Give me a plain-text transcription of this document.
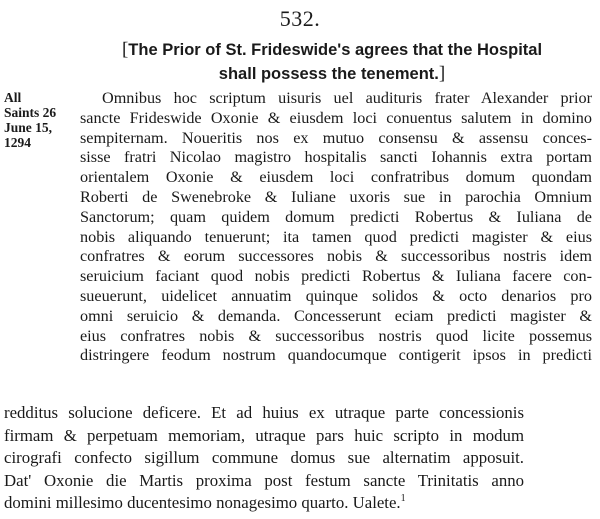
532.
[The Prior of St. Frideswide's agrees that the Hospital
shall possess the tenement.]
All
Saints 26
June 15,
1294
Omnibus hoc scriptum uisuris uel audituris frater Alexander prior
sancte Frideswide Oxonie & eiusdem loci conuentus salutem in domino
sempiternam. Noueritis nos ex mutuo consensu & assensu conces-
sisse fratri Nicolao magistro hospitalis sancti Iohannis extra portam
orientalem Oxonie & eiusdem loci confratribus domum quondam
Roberti de Swenebroke & Iuliane uxoris sue in parochia Omnium
Sanctorum; quam quidem domum predicti Robertus & Iuliana de
nobis aliquando tenuerunt; ita tamen quod predicti magister & eius
confratres & eorum successores nobis & successoribus nostris idem
seruicium faciant quod nobis predicti Robertus & Iuliana facere con-
sueuerunt, uidelicet annuatim quinque solidos & octo denarios pro
omni seruicio & demanda. Concesserunt eciam predicti magister &
eius confratres nobis & successoribus nostris quod licite possemus
distringere feodum nostrum quandocumque contigerit ipsos in predicti
redditus solucione deficere. Et ad huius ex utraque parte concessionis
firmam & perpetuam memoriam, utraque pars huic scripto in modum
cirografi confecto sigillum commune domus sue alternatim apposuit.
Dat' Oxonie die Martis proxima post festum sancte Trinitatis anno
domini millesimo ducentesimo nonagesimo quarto. Ualete.$^1$
